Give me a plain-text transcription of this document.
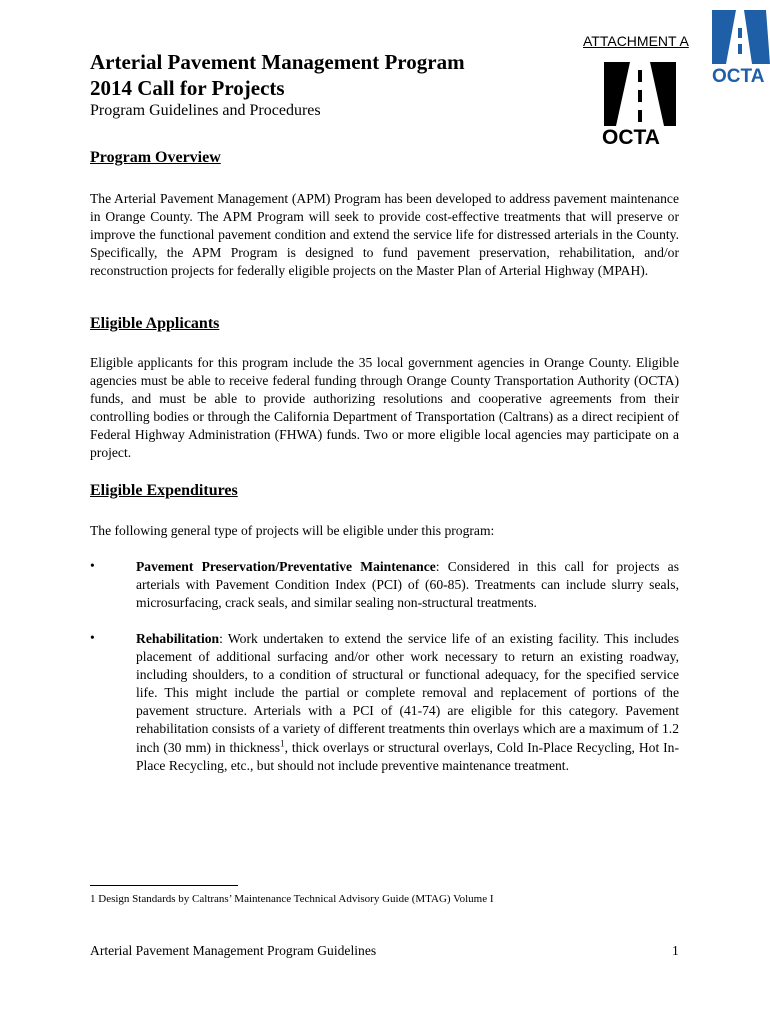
OCTA
ATTACHMENT A
OCTA
Arterial Pavement Management Program
2014 Call for Projects
Program Guidelines and Procedures
Program Overview

The Arterial Pavement Management (APM) Program has been developed to address pavement maintenance in Orange County. The APM Program will seek to provide cost-effective treatments that will preserve or improve the functional pavement condition and extend the service life for distressed arterials in the County. Specifically, the APM Program is designed to fund pavement preservation, rehabilitation, and/or reconstruction projects for federally eligible projects on the Master Plan of Arterial Highway (MPAH).

Eligible Applicants

Eligible applicants for this program include the 35 local government agencies in Orange County. Eligible agencies must be able to receive federal funding through Orange County Transportation Authority (OCTA) funds, and must be able to provide authorizing resolutions and cooperative agreements from their controlling bodies or through the California Department of Transportation (Caltrans) as a direct recipient of Federal Highway Administration (FHWA) funds. Two or more eligible local agencies may participate on a project.

Eligible Expenditures

The following general type of projects will be eligible under this program:

•	Pavement Preservation/Preventative Maintenance: Considered in this call for projects as arterials with Pavement Condition Index (PCI) of (60-85). Treatments can include slurry seals, microsurfacing, crack seals, and similar sealing non-structural treatments.

•	Rehabilitation: Work undertaken to extend the service life of an existing facility. This includes placement of additional surfacing and/or other work necessary to return an existing roadway, including shoulders, to a condition of structural or functional adequacy, for the specified service life. This might include the partial or complete removal and replacement of portions of the pavement structure. Arterials with a PCI of (41-74) are eligible for this category. Pavement rehabilitation consists of a variety of different treatments thin overlays which are a maximum of 1.2 inch (30 mm) in thickness$^1$, thick overlays or structural overlays, Cold In-Place Recycling, Hot In-Place Recycling, etc., but should not include preventive maintenance treatment.

1 Design Standards by Caltrans’ Maintenance Technical Advisory Guide (MTAG) Volume I
Arterial Pavement Management Program Guidelines	1
